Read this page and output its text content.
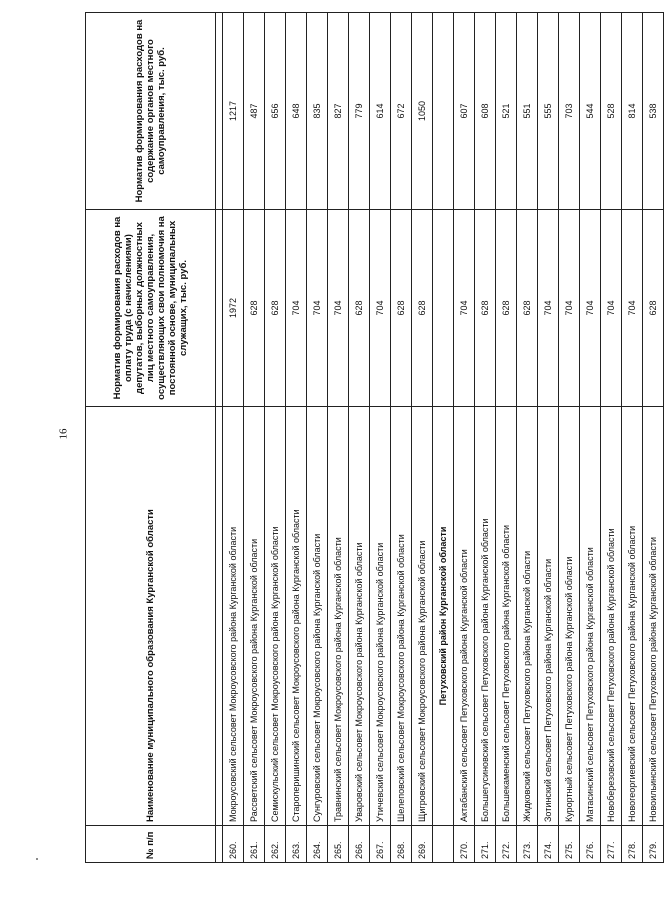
16
№ п/п	Наименование муниципального образования Курганской области	Норматив формирования расходов на оплату труда (с начислениями) депутатов, выборных должностных лиц местного самоуправления, осуществляющих свои полномочия на постоянной основе, муниципальных служащих, тыс. руб.	Норматив формирования расходов на содержание органов местного самоуправления, тыс. руб.

260.	Мокроусовский сельсовет Мокроусовского района Курганской области	1972	1217
261.	Рассветский сельсовет Мокроусовского района Курганской области	628	487
262.	Семискульский сельсовет Мокроусовского района Курганской области	628	656
263.	Староперишинский сельсовет Мокроусовского района Курганской области	704	648
264.	Сунгуровский сельсовет Мокроусовского района Курганской области	704	835
265.	Травнинский сельсовет Мокроусовского района Курганской области	704	827
266.	Уваровский сельсовет Мокроусовского района Курганской области	628	779
267.	Утичевский сельсовет Мокроусовского района Курганской области	704	614
268.	Шелеповский сельсовет Мокроусовского района Курганской области	628	672
269.	Щигровский сельсовет Мокроусовского района Курганской области	628	1050
	Петуховский район Курганской области		
270.	Актабанский сельсовет Петуховского района Курганской области	704	607
271.	Большегусиновский сельсовет Петуховского района Курганской области	628	608
272.	Большекаменский сельсовет Петуховского района Курганской области	628	521
273.	Жидковский сельсовет Петуховского района Курганской области	628	551
274.	Зотинский сельсовет Петуховского района Курганской области	704	555
275.	Курортный сельсовет Петуховского района Курганской области	704	703
276.	Матасинский сельсовет Петуховского района Курганской области	704	544
277.	Новоберезовский сельсовет Петуховского района Курганской области	704	528
278.	Новогеоргиевский сельсовет Петуховского района Курганской области	704	814
279.	Новоильинский сельсовет Петуховского района Курганской области	628	538
